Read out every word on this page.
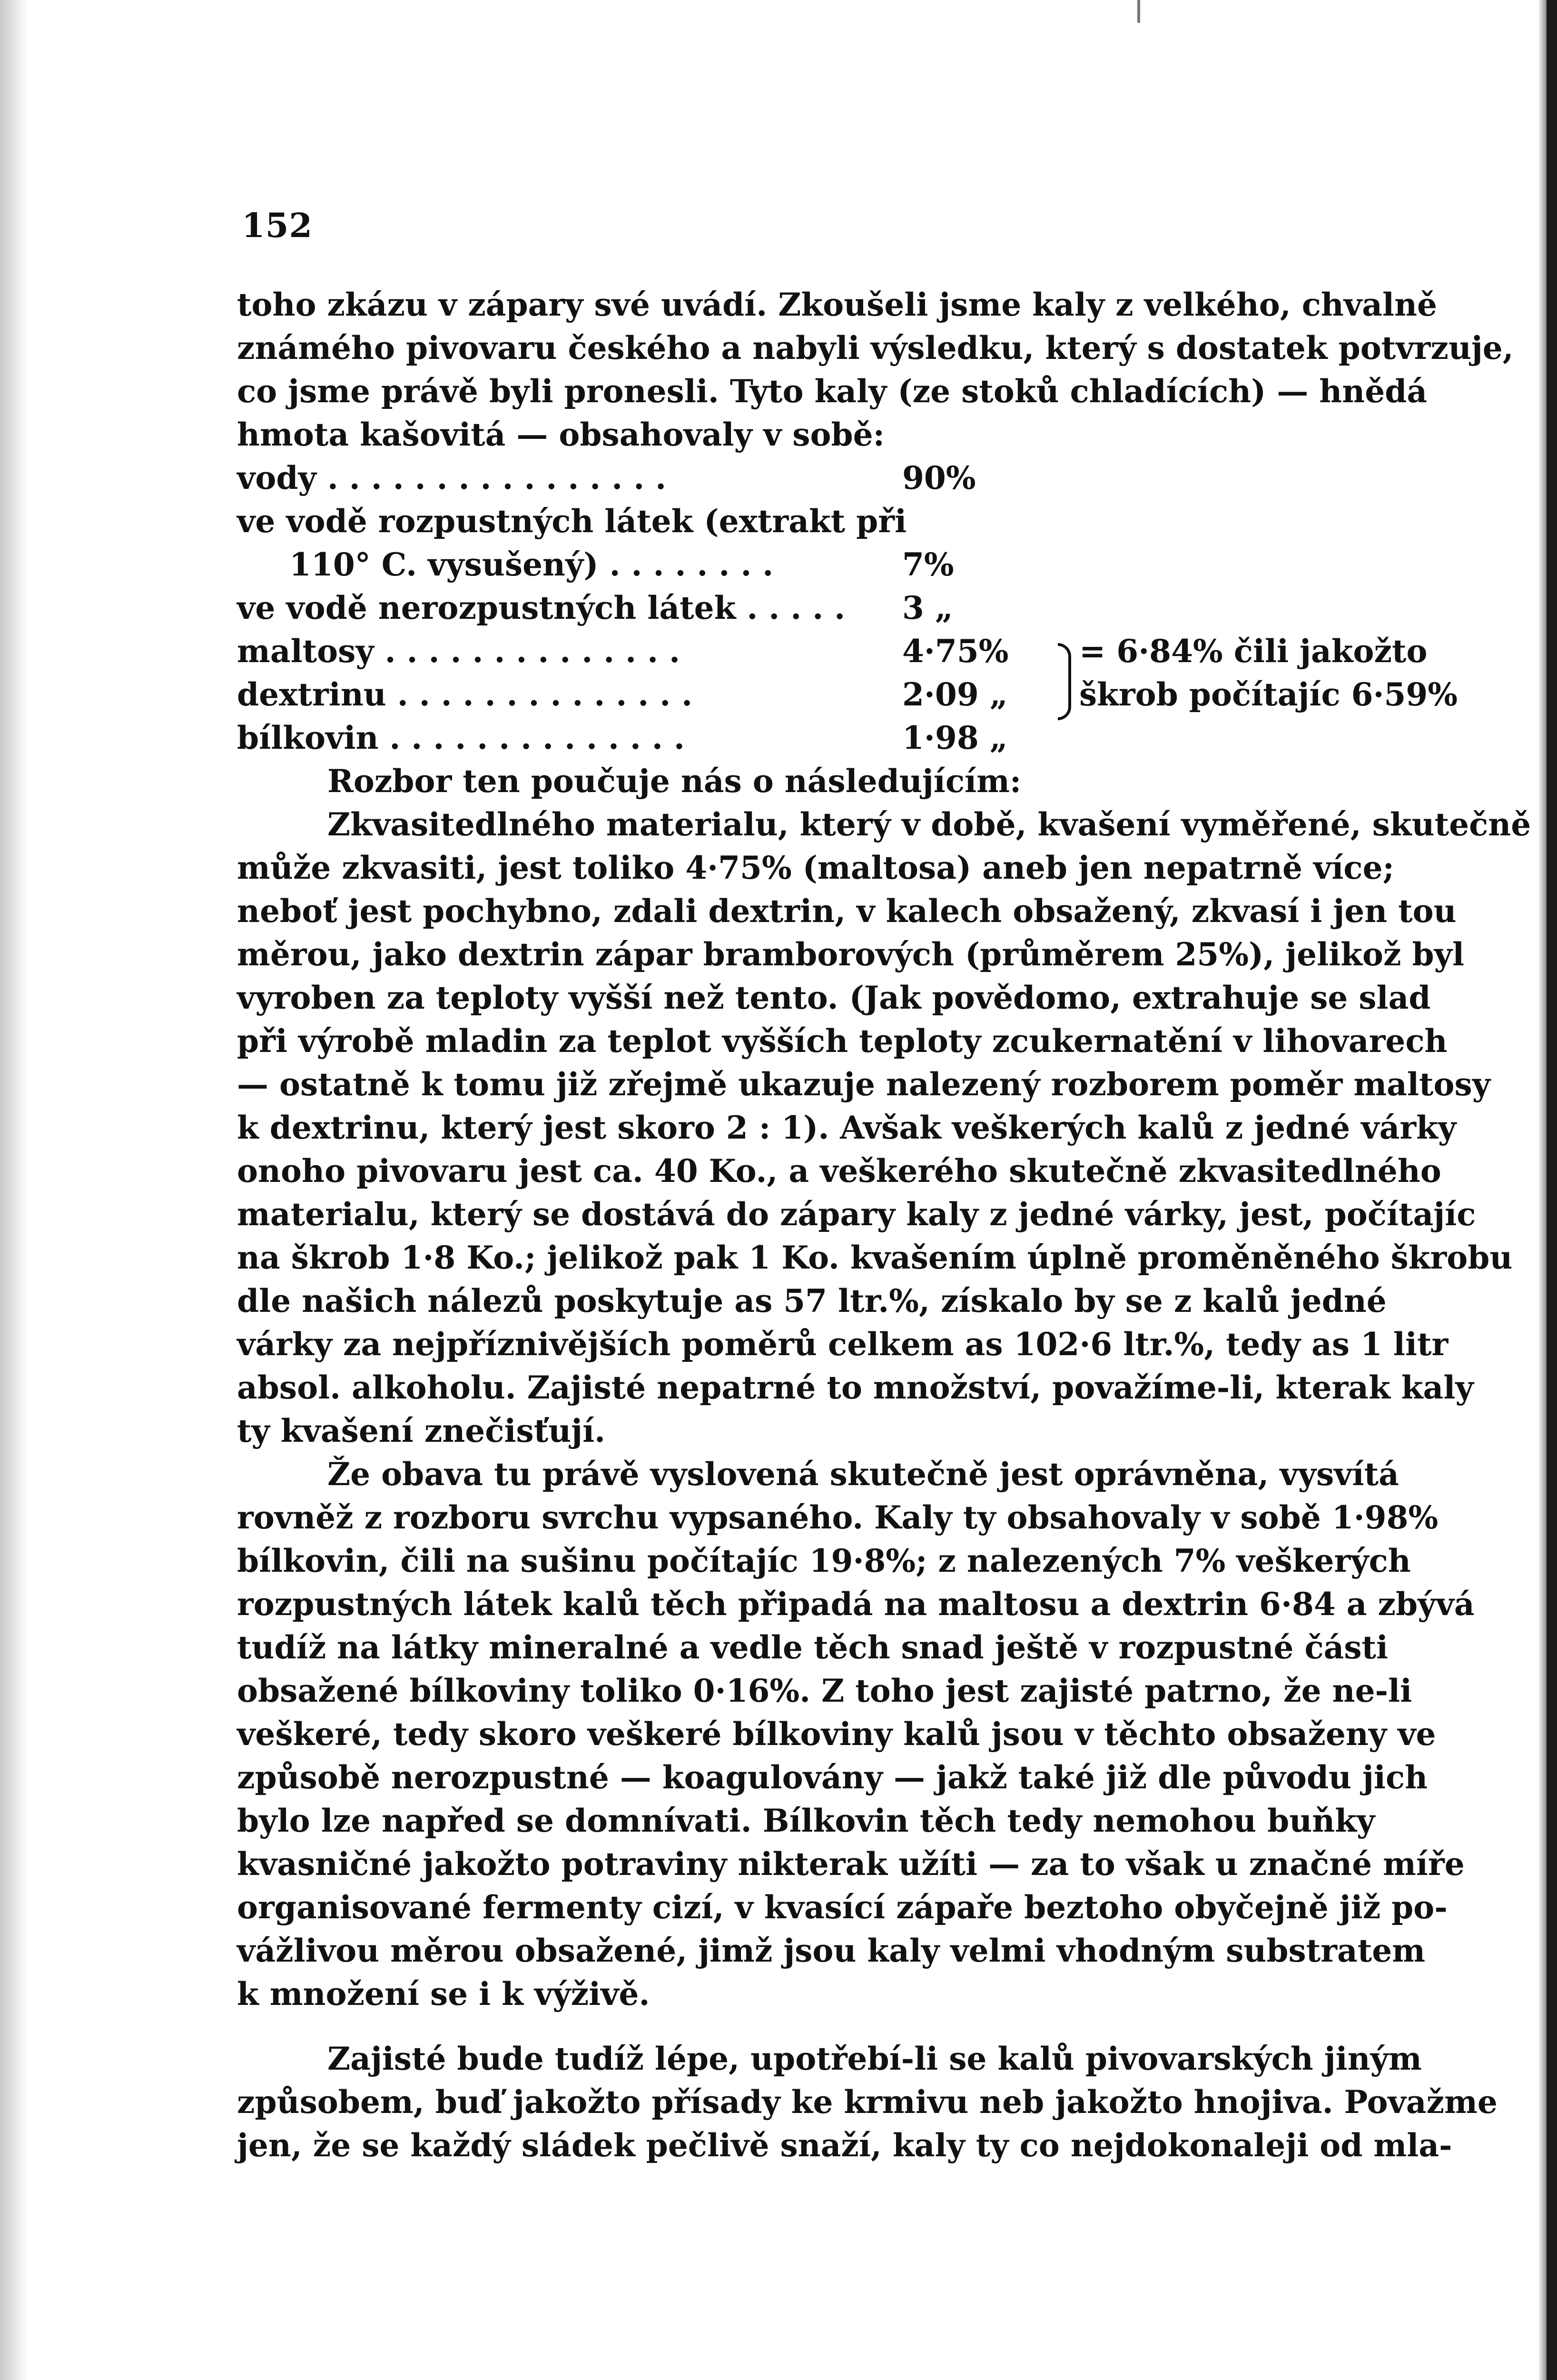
152
toho zkázu v zápary své uvádí. Zkoušeli jsme kaly z velkého, chvalně
známého pivovaru českého a nabyli výsledku, který s dostatek potvrzuje,
co jsme právě byli pronesli. Tyto kaly (ze stoků chladících) — hnědá
hmota kašovitá — obsahovaly v sobě:
vody . . . . . . . . . . . . . . . .	90%
ve vodě rozpustných látek (extrakt při
110° C. vysušený) . . . . . . . .	7%
ve vodě nerozpustných látek . . . . . 3 „
maltosy . . . . . . . . . . . . . .	4·75% = 6·84% čili jakožto
dextrinu . . . . . . . . . . . . . .	2·09 „ škrob počítajíc 6·59%
bílkovin . . . . . . . . . . . . . .	1·98 „
Rozbor ten poučuje nás o následujícím:
Zkvasitedlného materialu, který v době, kvašení vyměřené, skutečně
může zkvasiti, jest toliko 4·75% (maltosa) aneb jen nepatrně více;
neboť jest pochybno, zdali dextrin, v kalech obsažený, zkvasí i jen tou
měrou, jako dextrin zápar bramborových (průměrem 25%), jelikož byl
vyroben za teploty vyšší než tento. (Jak povědomo, extrahuje se slad
při výrobě mladin za teplot vyšších teploty zcukernatění v lihovarech
— ostatně k tomu již zřejmě ukazuje nalezený rozborem poměr maltosy
k dextrinu, který jest skoro 2 : 1). Avšak veškerých kalů z jedné várky
onoho pivovaru jest ca. 40 Ko., a veškerého skutečně zkvasitedlného
materialu, který se dostává do zápary kaly z jedné várky, jest, počítajíc
na škrob 1·8 Ko.; jelikož pak 1 Ko. kvašením úplně proměněného škrobu
dle našich nálezů poskytuje as 57 ltr.%, získalo by se z kalů jedné
várky za nejpříznivějších poměrů celkem as 102·6 ltr.%, tedy as 1 litr
absol. alkoholu. Zajisté nepatrné to množství, považíme-li, kterak kaly
ty kvašení znečisťují.
Že obava tu právě vyslovená skutečně jest oprávněna, vysvítá
rovněž z rozboru svrchu vypsaného. Kaly ty obsahovaly v sobě 1·98%
bílkovin, čili na sušinu počítajíc 19·8%; z nalezených 7% veškerých
rozpustných látek kalů těch připadá na maltosu a dextrin 6·84 a zbývá
tudíž na látky mineralné a vedle těch snad ještě v rozpustné části
obsažené bílkoviny toliko 0·16%. Z toho jest zajisté patrno, že ne-li
veškeré, tedy skoro veškeré bílkoviny kalů jsou v těchto obsaženy ve
způsobě nerozpustné — koagulovány — jakž také již dle původu jich
bylo lze napřed se domnívati. Bílkovin těch tedy nemohou buňky
kvasničné jakožto potraviny nikterak užíti — za to však u značné míře
organisované fermenty cizí, v kvasící zápaře beztoho obyčejně již po-
vážlivou měrou obsažené, jimž jsou kaly velmi vhodným substratem
k množení se i k výživě.
Zajisté bude tudíž lépe, upotřebí-li se kalů pivovarských jiným
způsobem, buď jakožto přísady ke krmivu neb jakožto hnojiva. Považme
jen, že se každý sládek pečlivě snaží, kaly ty co nejdokonaleji od mla-
